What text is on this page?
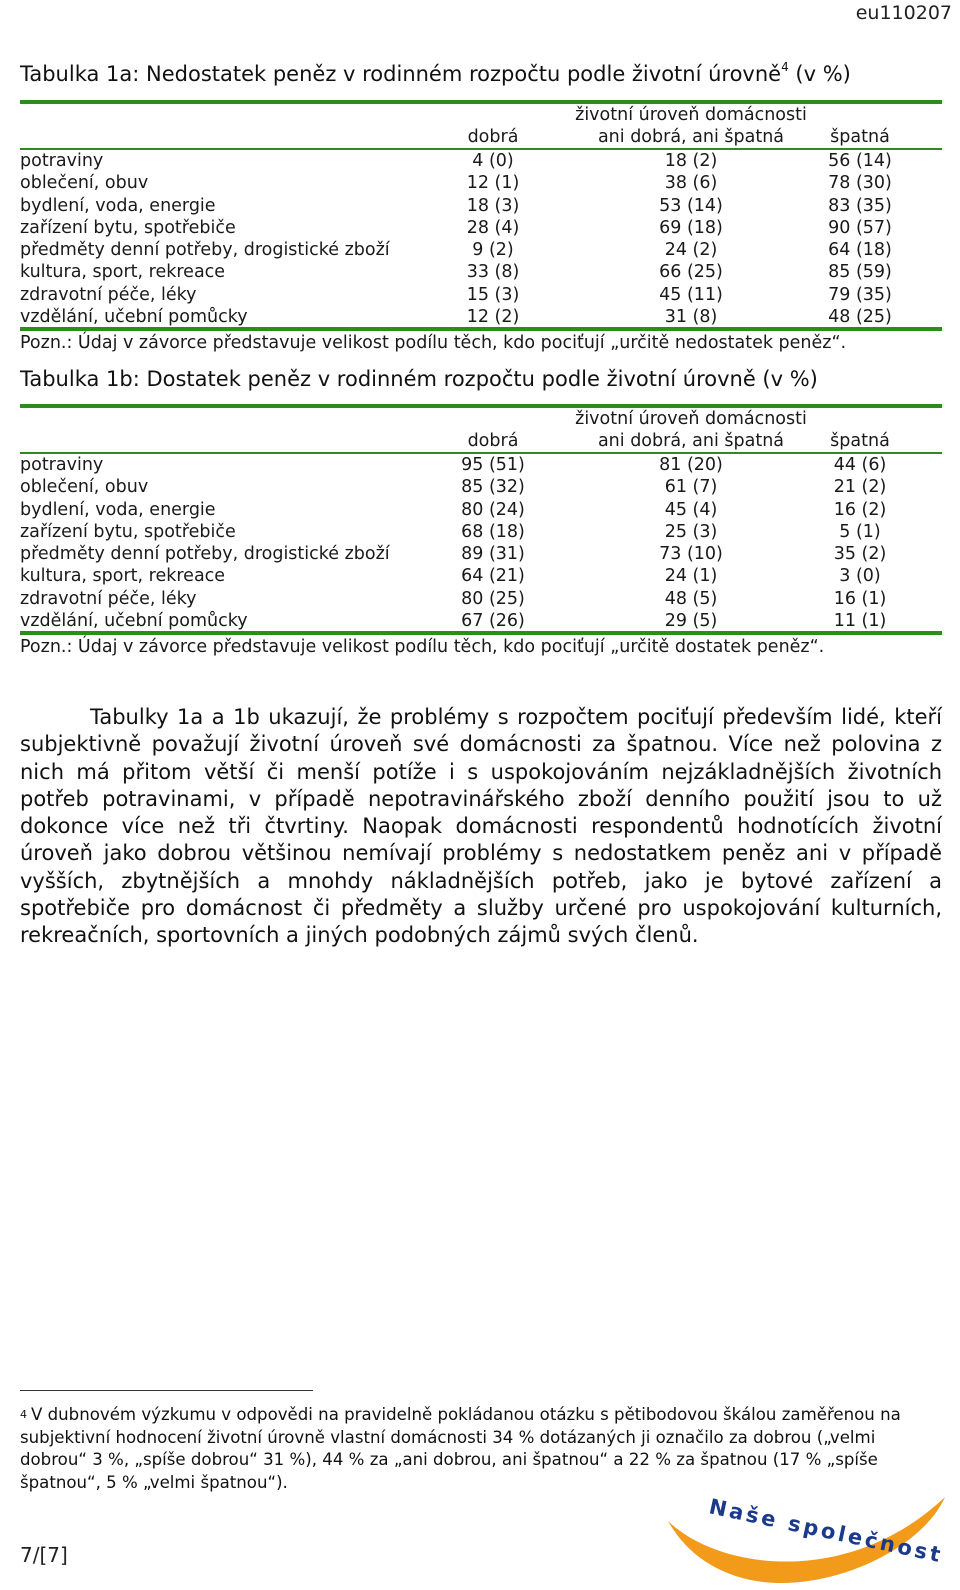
eu110207
Tabulka 1a: Nedostatek peněz v rodinném rozpočtu podle životní úrovně$^4$ (v %)
životní úroveň domácnosti
dobrá	ani dobrá, ani špatná	špatná
potraviny	4 (0)	18 (2)	56 (14)
oblečení, obuv	12 (1)	38 (6)	78 (30)
bydlení, voda, energie	18 (3)	53 (14)	83 (35)
zařízení bytu, spotřebiče	28 (4)	69 (18)	90 (57)
předměty denní potřeby, drogistické zboží	9 (2)	24 (2)	64 (18)
kultura, sport, rekreace	33 (8)	66 (25)	85 (59)
zdravotní péče, léky	15 (3)	45 (11)	79 (35)
vzdělání, učební pomůcky	12 (2)	31 (8)	48 (25)
Pozn.: Údaj v závorce představuje velikost podílu těch, kdo pociťují „určitě nedostatek peněz“.
Tabulka 1b: Dostatek peněz v rodinném rozpočtu podle životní úrovně (v %)
životní úroveň domácnosti
dobrá	ani dobrá, ani špatná	špatná
potraviny	95 (51)	81 (20)	44 (6)
oblečení, obuv	85 (32)	61 (7)	21 (2)
bydlení, voda, energie	80 (24)	45 (4)	16 (2)
zařízení bytu, spotřebiče	68 (18)	25 (3)	5 (1)
předměty denní potřeby, drogistické zboží	89 (31)	73 (10)	35 (2)
kultura, sport, rekreace	64 (21)	24 (1)	3 (0)
zdravotní péče, léky	80 (25)	48 (5)	16 (1)
vzdělání, učební pomůcky	67 (26)	29 (5)	11 (1)
Pozn.: Údaj v závorce představuje velikost podílu těch, kdo pociťují „určitě dostatek peněz“.
Tabulky 1a a 1b ukazují, že problémy s rozpočtem pociťují především lidé, kteří subjektivně považují životní úroveň své domácnosti za špatnou. Více než polovina z nich má přitom větší či menší potíže i s uspokojováním nejzákladnějších životních potřeb potravinami, v případě nepotravinářského zboží denního použití jsou to už dokonce více než tři čtvrtiny. Naopak domácnosti respondentů hodnotících životní úroveň jako dobrou většinou nemívají problémy s nedostatkem peněz ani v případě vyšších, zbytnějších a mnohdy nákladnějších potřeb, jako je bytové zařízení a spotřebiče pro domácnost či předměty a služby určené pro uspokojování kulturních, rekreačních, sportovních a jiných podobných zájmů svých členů.
$^4$ V dubnovém výzkumu v odpovědi na pravidelně pokládanou otázku s pětibodovou škálou zaměřenou na subjektivní hodnocení životní úrovně vlastní domácnosti 34 % dotázaných ji označilo za dobrou („velmi dobrou“ 3 %, „spíše dobrou“ 31 %), 44 % za „ani dobrou, ani špatnou“ a 22 % za špatnou (17 % „spíše špatnou“, 5 % „velmi špatnou“).
7/[7]	Naše společnost
